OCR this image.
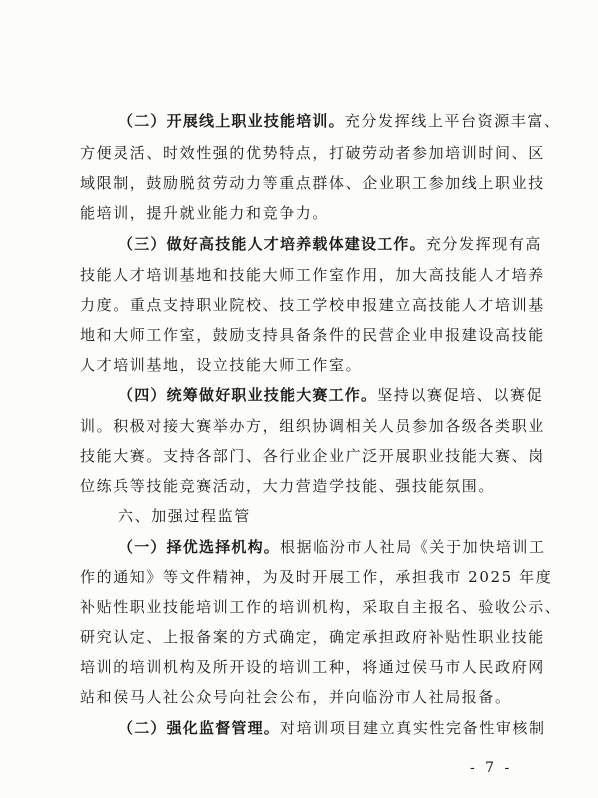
（二）开展线上职业技能培训。充分发挥线上平台资源丰富、
方便灵活、时效性强的优势特点，打破劳动者参加培训时间、区
域限制，鼓励脱贫劳动力等重点群体、企业职工参加线上职业技
能培训，提升就业能力和竞争力。
（三）做好高技能人才培养载体建设工作。充分发挥现有高
技能人才培训基地和技能大师工作室作用，加大高技能人才培养
力度。重点支持职业院校、技工学校申报建立高技能人才培训基
地和大师工作室，鼓励支持具备条件的民营企业申报建设高技能
人才培训基地，设立技能大师工作室。
（四）统筹做好职业技能大赛工作。坚持以赛促培、以赛促
训。积极对接大赛举办方，组织协调相关人员参加各级各类职业
技能大赛。支持各部门、各行业企业广泛开展职业技能大赛、岗
位练兵等技能竞赛活动，大力营造学技能、强技能氛围。
六、加强过程监管
（一）择优选择机构。根据临汾市人社局《关于加快培训工
作的通知》等文件精神，为及时开展工作，承担我市 2025 年度
补贴性职业技能培训工作的培训机构，采取自主报名、验收公示、
研究认定、上报备案的方式确定，确定承担政府补贴性职业技能
培训的培训机构及所开设的培训工种，将通过侯马市人民政府网
站和侯马人社公众号向社会公布，并向临汾市人社局报备。
（二）强化监督管理。对培训项目建立真实性完备性审核制
- 7 -
